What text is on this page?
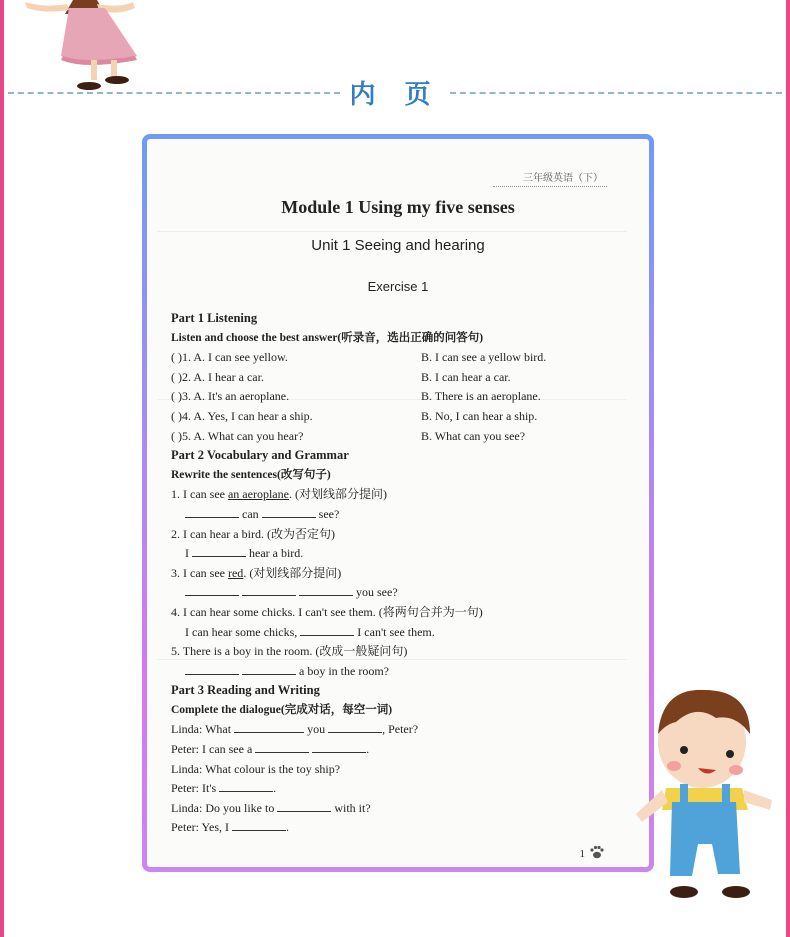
内 页
三年级英语（下）
Module 1 Using my five senses
Unit 1 Seeing and hearing
Exercise 1
Part 1 Listening
Listen and choose the best answer(听录音，选出正确的问答句)
( )1. A. I can see yellow.	B. I can see a yellow bird.
( )2. A. I hear a car.	B. I can hear a car.
( )3. A. It's an aeroplane.	B. There is an aeroplane.
( )4. A. Yes, I can hear a ship.	B. No, I can hear a ship.
( )5. A. What can you hear?	B. What can you see?
Part 2 Vocabulary and Grammar
Rewrite the sentences(改写句子)
1. I can see an aeroplane. (对划线部分提问)
can	see?
2. I can hear a bird. (改为否定句)
I	hear a bird.
3. I can see red. (对划线部分提问)
you see?
4. I can hear some chicks. I can't see them. (将两句合并为一句)
I can hear some chicks,	I can't see them.
5. There is a boy in the room. (改成一般疑问句)
a boy in the room?
Part 3 Reading and Writing
Complete the dialogue(完成对话，每空一词)
Linda: What	you	, Peter?
Peter: I can see a	.
Linda: What colour is the toy ship?
Peter: It's	.
Linda: Do you like to	with it?
Peter: Yes, I	.
1
